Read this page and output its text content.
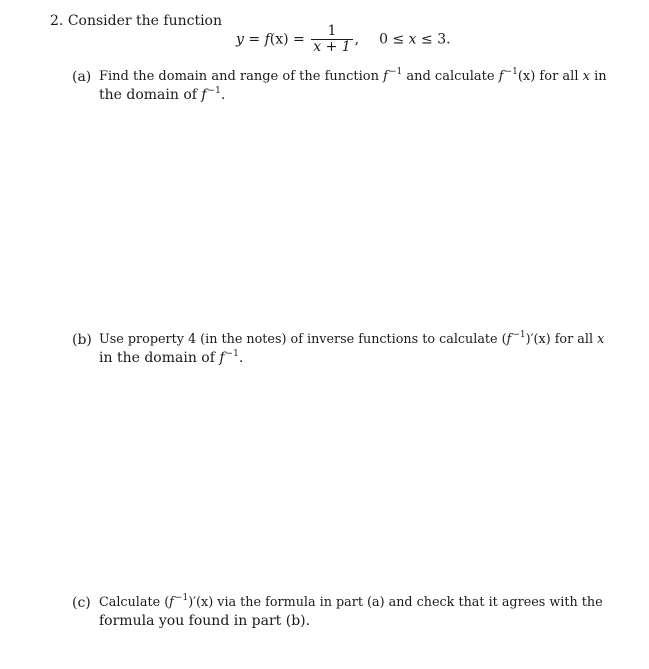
2. Consider the function
$y = f(x) = \frac{1}{x + 1}$ , 0 ≤ x ≤ 3.
(a) Find the domain and range of the function $f^{-1}$ and calculate $f^{-1}(x)$ for all x in
the domain of $f^{-1}$.
(b) Use property 4 (in the notes) of inverse functions to calculate $(f^{-1})'(x)$ for all x
in the domain of $f^{-1}$.
(c) Calculate $(f^{-1})'(x)$ via the formula in part (a) and check that it agrees with the
formula you found in part (b).
